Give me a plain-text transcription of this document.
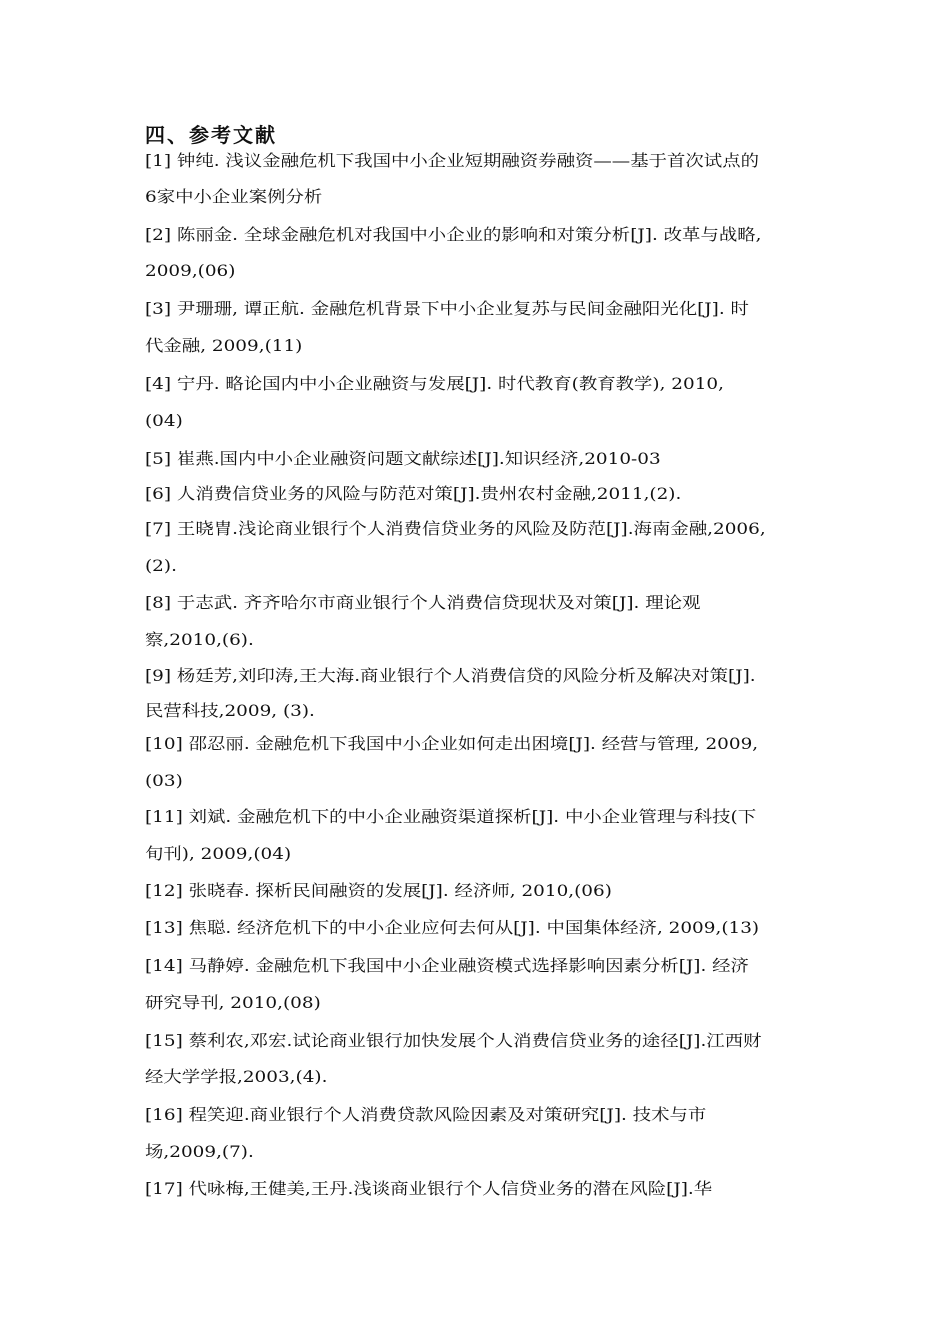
四、参考文献
[1] 钟纯. 浅议金融危机下我国中小企业短期融资券融资——基于首次试点的
6家中小企业案例分析
[2] 陈丽金. 全球金融危机对我国中小企业的影响和对策分析[J]. 改革与战略,
2009,(06)
[3] 尹珊珊, 谭正航. 金融危机背景下中小企业复苏与民间金融阳光化[J]. 时
代金融, 2009,(11)
[4] 宁丹. 略论国内中小企业融资与发展[J]. 时代教育(教育教学), 2010,
(04)
[5] 崔燕.国内中小企业融资问题文献综述[J].知识经济,2010-03
[6] 人消费信贷业务的风险与防范对策[J].贵州农村金融,2011,(2).
[7] 王晓胄.浅论商业银行个人消费信贷业务的风险及防范[J].海南金融,2006,
(2).
[8] 于志武. 齐齐哈尔市商业银行个人消费信贷现状及对策[J]. 理论观
察,2010,(6).
[9] 杨廷芳,刘印涛,王大海.商业银行个人消费信贷的风险分析及解决对策[J].
民营科技,2009, (3).
[10] 邵忍丽. 金融危机下我国中小企业如何走出困境[J]. 经营与管理, 2009,
(03)
[11] 刘斌. 金融危机下的中小企业融资渠道探析[J]. 中小企业管理与科技(下
旬刊), 2009,(04)
[12] 张晓春. 探析民间融资的发展[J]. 经济师, 2010,(06)
[13] 焦聪. 经济危机下的中小企业应何去何从[J]. 中国集体经济, 2009,(13)
[14] 马静婷. 金融危机下我国中小企业融资模式选择影响因素分析[J]. 经济
研究导刊, 2010,(08)
[15] 蔡利农,邓宏.试论商业银行加快发展个人消费信贷业务的途径[J].江西财
经大学学报,2003,(4).
[16] 程笑迎.商业银行个人消费贷款风险因素及对策研究[J]. 技术与市
场,2009,(7).
[17] 代咏梅,王健美,王丹.浅谈商业银行个人信贷业务的潜在风险[J].华
